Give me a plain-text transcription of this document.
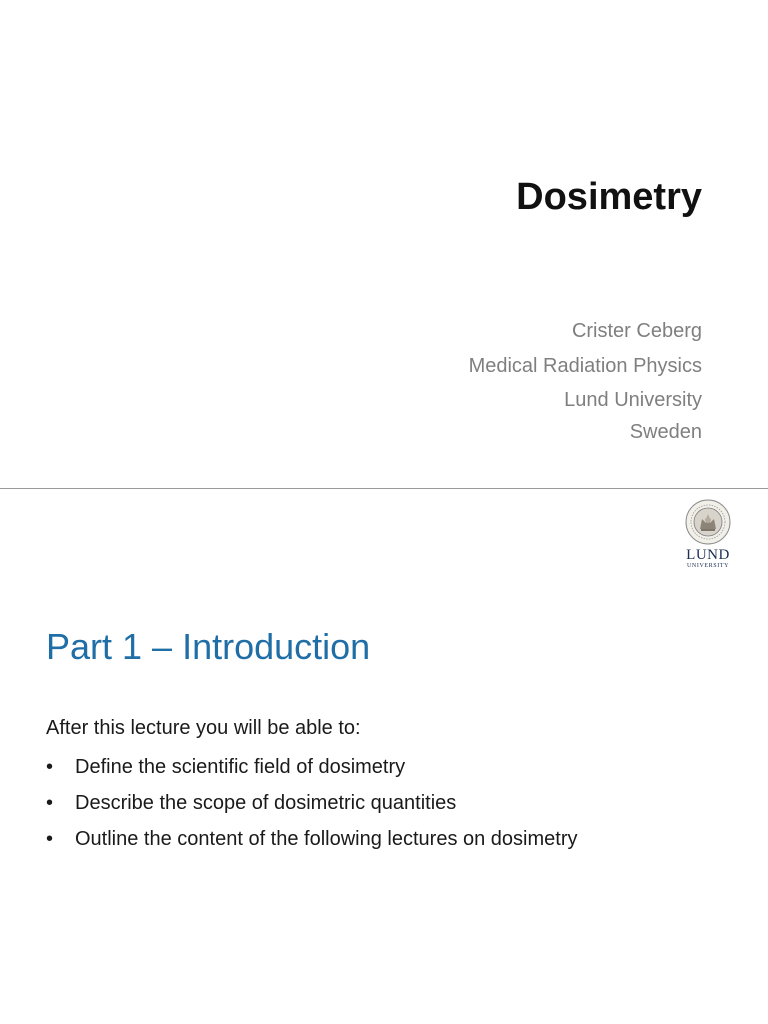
Dosimetry
Crister Ceberg
Medical Radiation Physics
Lund University
Sweden
LUND
UNIVERSITY
Part 1 – Introduction
After this lecture you will be able to:
• Define the scientific field of dosimetry
• Describe the scope of dosimetric quantities
• Outline the content of the following lectures on dosimetry
